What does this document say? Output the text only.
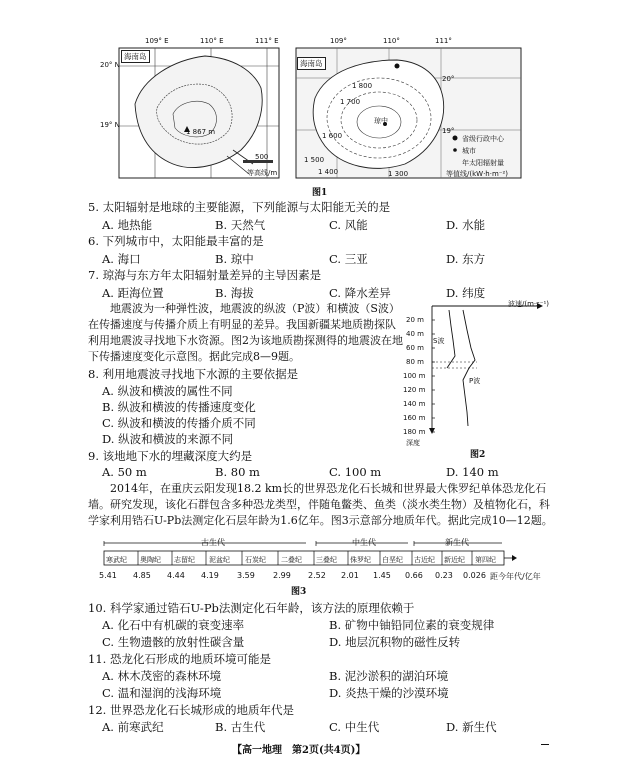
海南岛
109° E	110° E	111° E
20° N
19° N
1 867 m
500
等高线/m
海南岛
109°	110°	111°
20°
19°
1 800
1 700
1 600
1 500
1 400	1 300
琼中
省级行政中心
城市
年太阳辐射量
等值线/(kW·h·m⁻²)
图1
5. 太阳辐射是地球的主要能源，下列能源与太阳能无关的是
A. 地热能	B. 天然气	C. 风能	D. 水能
6. 下列城市中，太阳能最丰富的是
A. 海口	B. 琼中	C. 三亚	D. 东方
7. 琼海与东方年太阳辐射量差异的主导因素是
A. 距海位置	B. 海拔	C. 降水差异	D. 纬度
地震波为一种弹性波，地震波的纵波（P波）和横波（S波）在传播速度与传播介质上有明显的差异。我国新疆某地质勘探队利用地震波寻找地下水资源。图2为该地质勘探测得的地震波在地下传播速度变化示意图。据此完成8—9题。
波速/(m·s⁻¹)
20 m
40 m
60 m
80 m
100 m
120 m
140 m
160 m
180 m
深度
S波
P波
图2
8. 利用地震波寻找地下水源的主要依据是
A. 纵波和横波的属性不同
B. 纵波和横波的传播速度变化
C. 纵波和横波的传播介质不同
D. 纵波和横波的来源不同
9. 该地地下水的埋藏深度大约是
A. 50 m	B. 80 m	C. 100 m	D. 140 m
2014年，在重庆云阳发现18.2 km长的世界恐龙化石长城和世界最大侏罗纪单体恐龙化石墙。研究发现，该化石群包含多种恐龙类型，伴随龟鳖类、鱼类（淡水类生物）及植物化石，科学家利用锆石U-Pb法测定化石层年龄为1.6亿年。图3示意部分地质年代。据此完成10—12题。
古生代	中生代	新生代
寒武纪 奥陶纪 志留纪 泥盆纪 石炭纪 二叠纪 三叠纪 侏罗纪 白垩纪 古近纪 新近纪 第四纪
5.41 4.85 4.44 4.19 3.59 2.99 2.52 2.01 1.45 0.66 0.23 0.026 距今年代/亿年
图3
10. 科学家通过锆石U-Pb法测定化石年龄，该方法的原理依赖于
A. 化石中有机碳的衰变速率	B. 矿物中铀铅同位素的衰变规律
C. 生物遗骸的放射性碳含量	D. 地层沉积物的磁性反转
11. 恐龙化石形成的地质环境可能是
A. 林木茂密的森林环境	B. 泥沙淤积的湖泊环境
C. 温和湿润的浅海环境	D. 炎热干燥的沙漠环境
12. 世界恐龙化石长城形成的地质年代是
A. 前寒武纪	B. 古生代	C. 中生代	D. 新生代
【高一地理　第2页(共4页)】
